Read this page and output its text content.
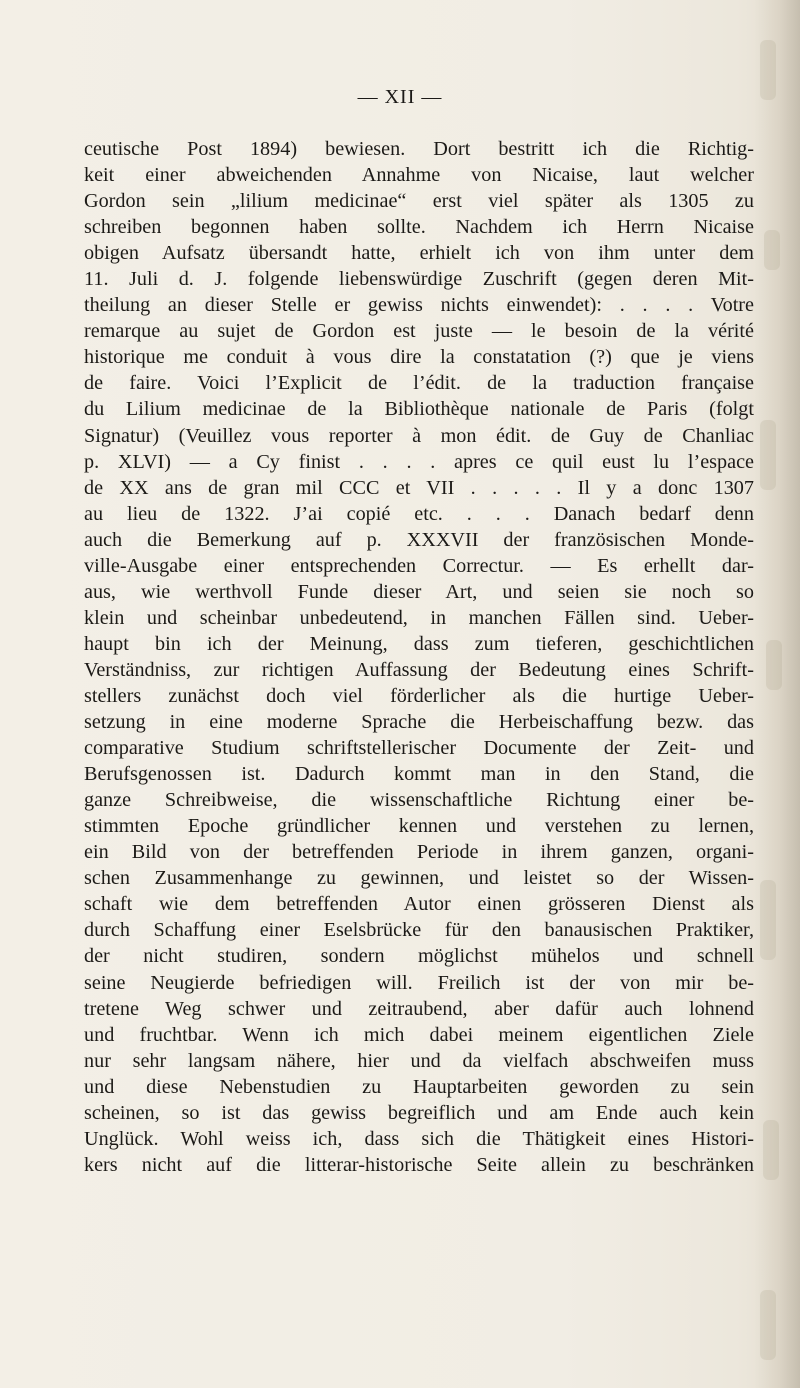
— XII —
ceutische Post 1894) bewiesen. Dort bestritt ich die Richtig-
keit einer abweichenden Annahme von Nicaise, laut welcher
Gordon sein „lilium medicinae“ erst viel später als 1305 zu
schreiben begonnen haben sollte. Nachdem ich Herrn Nicaise
obigen Aufsatz übersandt hatte, erhielt ich von ihm unter dem
11. Juli d. J. folgende liebenswürdige Zuschrift (gegen deren Mit-
theilung an dieser Stelle er gewiss nichts einwendet): . . . . Votre
remarque au sujet de Gordon est juste — le besoin de la vérité
historique me conduit à vous dire la constatation (?) que je viens
de faire. Voici l’Explicit de l’édit. de la traduction française
du Lilium medicinae de la Bibliothèque nationale de Paris (folgt
Signatur) (Veuillez vous reporter à mon édit. de Guy de Chanliac
p. XLVI) — a Cy finist . . . . apres ce quil eust lu l’espace
de XX ans de gran mil CCC et VII . . . . . Il y a donc 1307
au lieu de 1322. J’ai copié etc. . . . Danach bedarf denn
auch die Bemerkung auf p. XXXVII der französischen Monde-
ville-Ausgabe einer entsprechenden Correctur. — Es erhellt dar-
aus, wie werthvoll Funde dieser Art, und seien sie noch so
klein und scheinbar unbedeutend, in manchen Fällen sind. Ueber-
haupt bin ich der Meinung, dass zum tieferen, geschichtlichen
Verständniss, zur richtigen Auffassung der Bedeutung eines Schrift-
stellers zunächst doch viel förderlicher als die hurtige Ueber-
setzung in eine moderne Sprache die Herbeischaffung bezw. das
comparative Studium schriftstellerischer Documente der Zeit- und
Berufsgenossen ist. Dadurch kommt man in den Stand, die
ganze Schreibweise, die wissenschaftliche Richtung einer be-
stimmten Epoche gründlicher kennen und verstehen zu lernen,
ein Bild von der betreffenden Periode in ihrem ganzen, organi-
schen Zusammenhange zu gewinnen, und leistet so der Wissen-
schaft wie dem betreffenden Autor einen grösseren Dienst als
durch Schaffung einer Eselsbrücke für den banausischen Praktiker,
der nicht studiren, sondern möglichst mühelos und schnell
seine Neugierde befriedigen will. Freilich ist der von mir be-
tretene Weg schwer und zeitraubend, aber dafür auch lohnend
und fruchtbar. Wenn ich mich dabei meinem eigentlichen Ziele
nur sehr langsam nähere, hier und da vielfach abschweifen muss
und diese Nebenstudien zu Hauptarbeiten geworden zu sein
scheinen, so ist das gewiss begreiflich und am Ende auch kein
Unglück. Wohl weiss ich, dass sich die Thätigkeit eines Histori-
kers nicht auf die litterar-historische Seite allein zu beschränken
